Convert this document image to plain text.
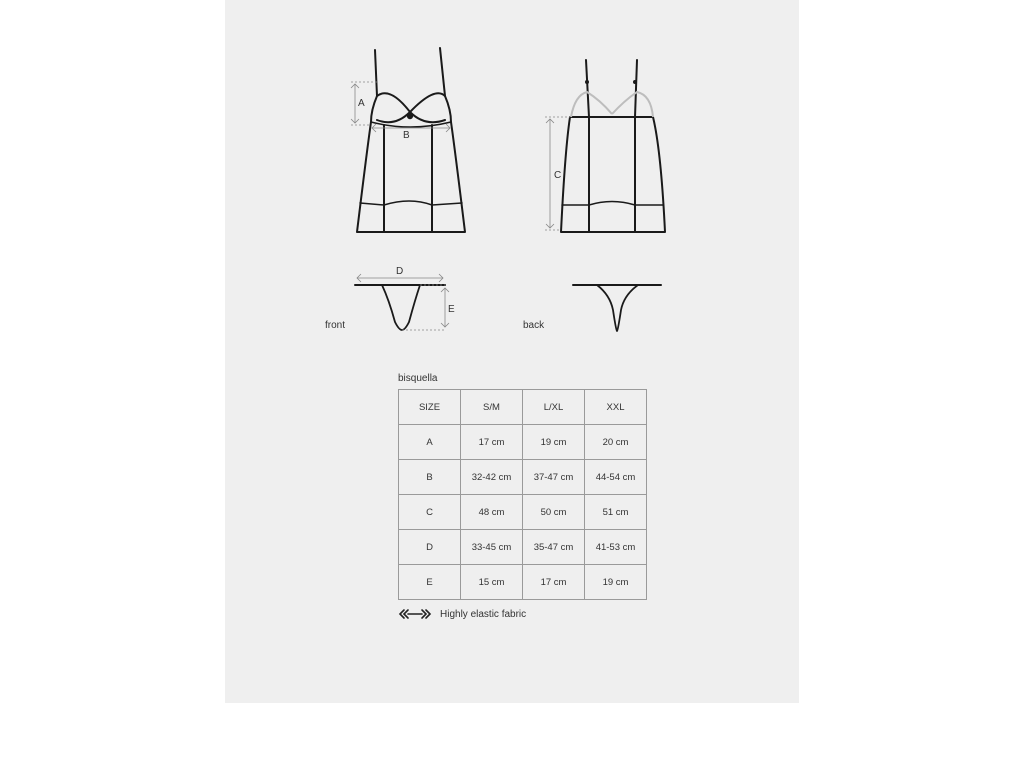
A
B
C
D
E
front	back
bisquella
SIZE	S/M	L/XL	XXL
A	17 cm	19 cm	20 cm
B	32-42 cm	37-47 cm	44-54 cm
C	48 cm	50 cm	51 cm
D	33-45 cm	35-47 cm	41-53 cm
E	15 cm	17 cm	19 cm
Highly elastic fabric
